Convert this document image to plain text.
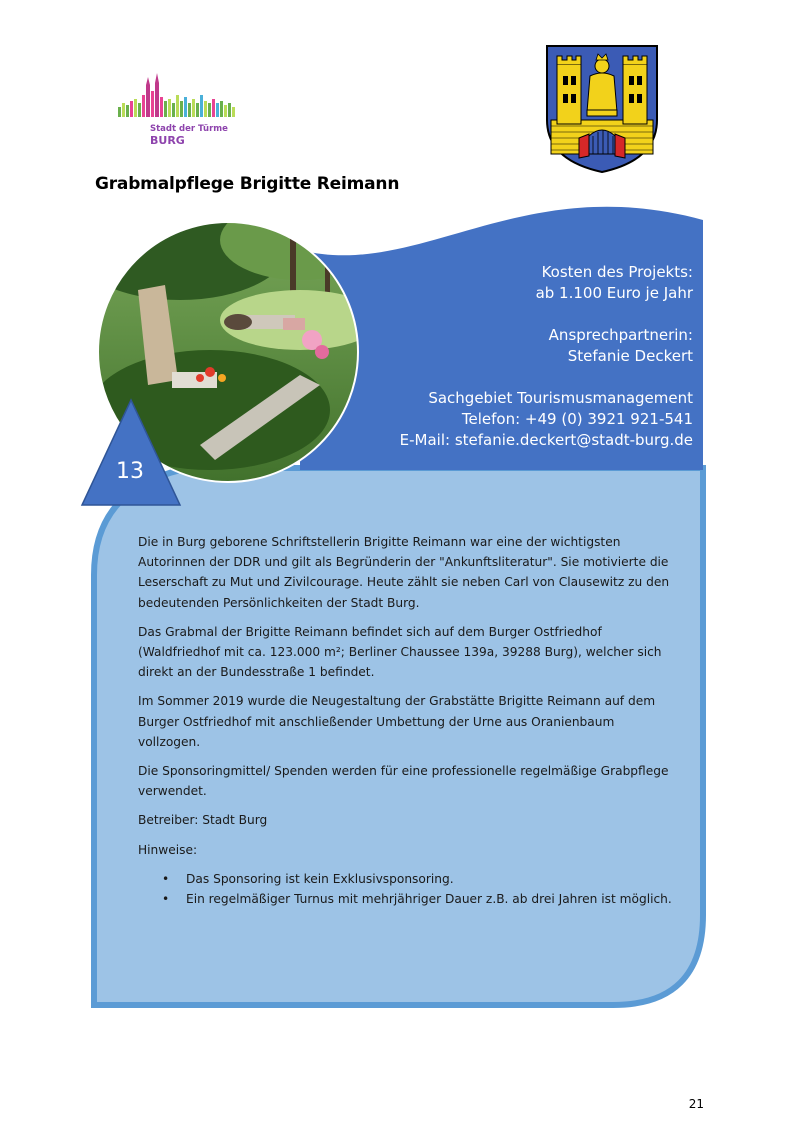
Stadt der Türme
BURG
Grabmalpflege Brigitte Reimann
Kosten des Projekts:
ab 1.100 Euro je Jahr
Ansprechpartnerin:
Stefanie Deckert
Sachgebiet Tourismusmanagement
Telefon: +49 (0) 3921 921-541
E-Mail: stefanie.deckert@stadt-burg.de
13

Die in Burg geborene Schriftstellerin Brigitte Reimann war eine der wichtigsten Autorinnen der DDR und gilt als Begründerin der "Ankunftsliteratur". Sie motivierte die Leserschaft zu Mut und Zivilcourage. Heute zählt sie neben Carl von Clausewitz zu den bedeutenden Persönlichkeiten der Stadt Burg.

Das Grabmal der Brigitte Reimann befindet sich auf dem Burger Ostfriedhof (Waldfriedhof mit ca. 123.000 m²; Berliner Chaussee 139a, 39288 Burg), welcher sich direkt an der Bundesstraße 1 befindet.

Im Sommer 2019 wurde die Neugestaltung der Grabstätte Brigitte Reimann auf dem Burger Ostfriedhof mit anschließender Umbettung der Urne aus Oranienbaum vollzogen.

Die Sponsoringmittel/ Spenden werden für eine professionelle regelmäßige Grabpflege verwendet.

Betreiber: Stadt Burg

Hinweise:

• Das Sponsoring ist kein Exklusivsponsoring.
• Ein regelmäßiger Turnus mit mehrjähriger Dauer z.B. ab drei Jahren ist möglich.
21
